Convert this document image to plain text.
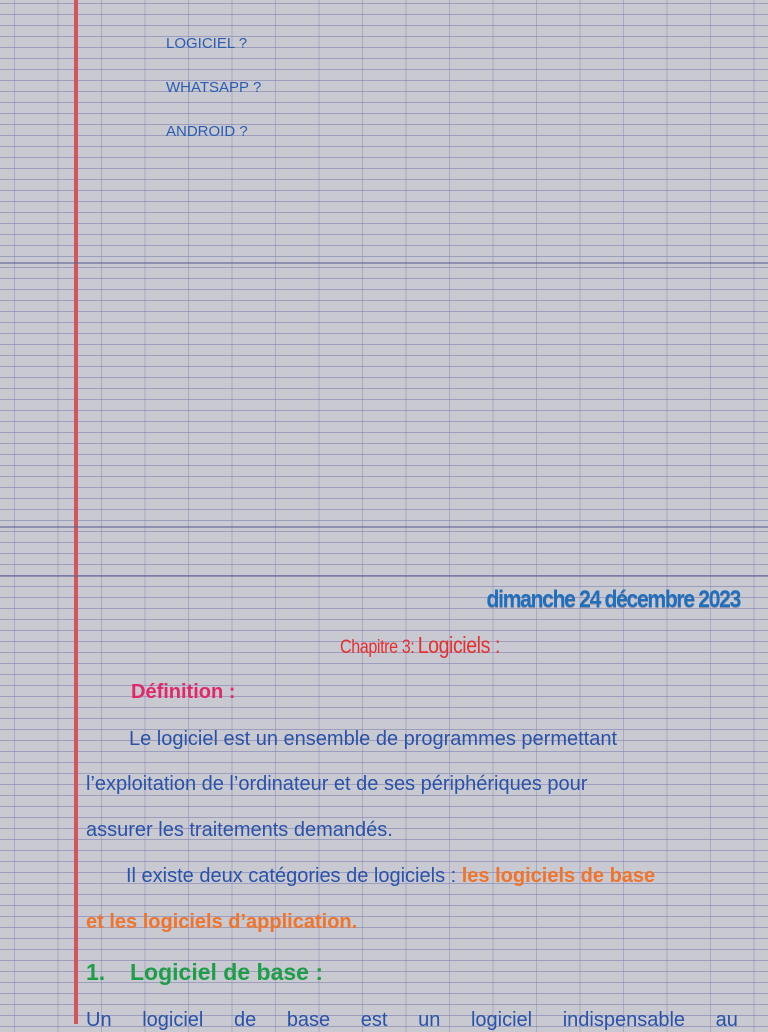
LOGICIEL ?
WHATSAPP ?
ANDROID ?
dimanche 24 décembre 2023
Chapitre 3: Logiciels :
Définition :
Le logiciel est un ensemble de programmes permettant
l’exploitation de l’ordinateur et de ses périphériques pour
assurer les traitements demandés.
Il existe deux catégories de logiciels : les logiciels de base
et les logiciels d’application.
1. Logiciel de base :
Un logiciel de base est un logiciel indispensable au
